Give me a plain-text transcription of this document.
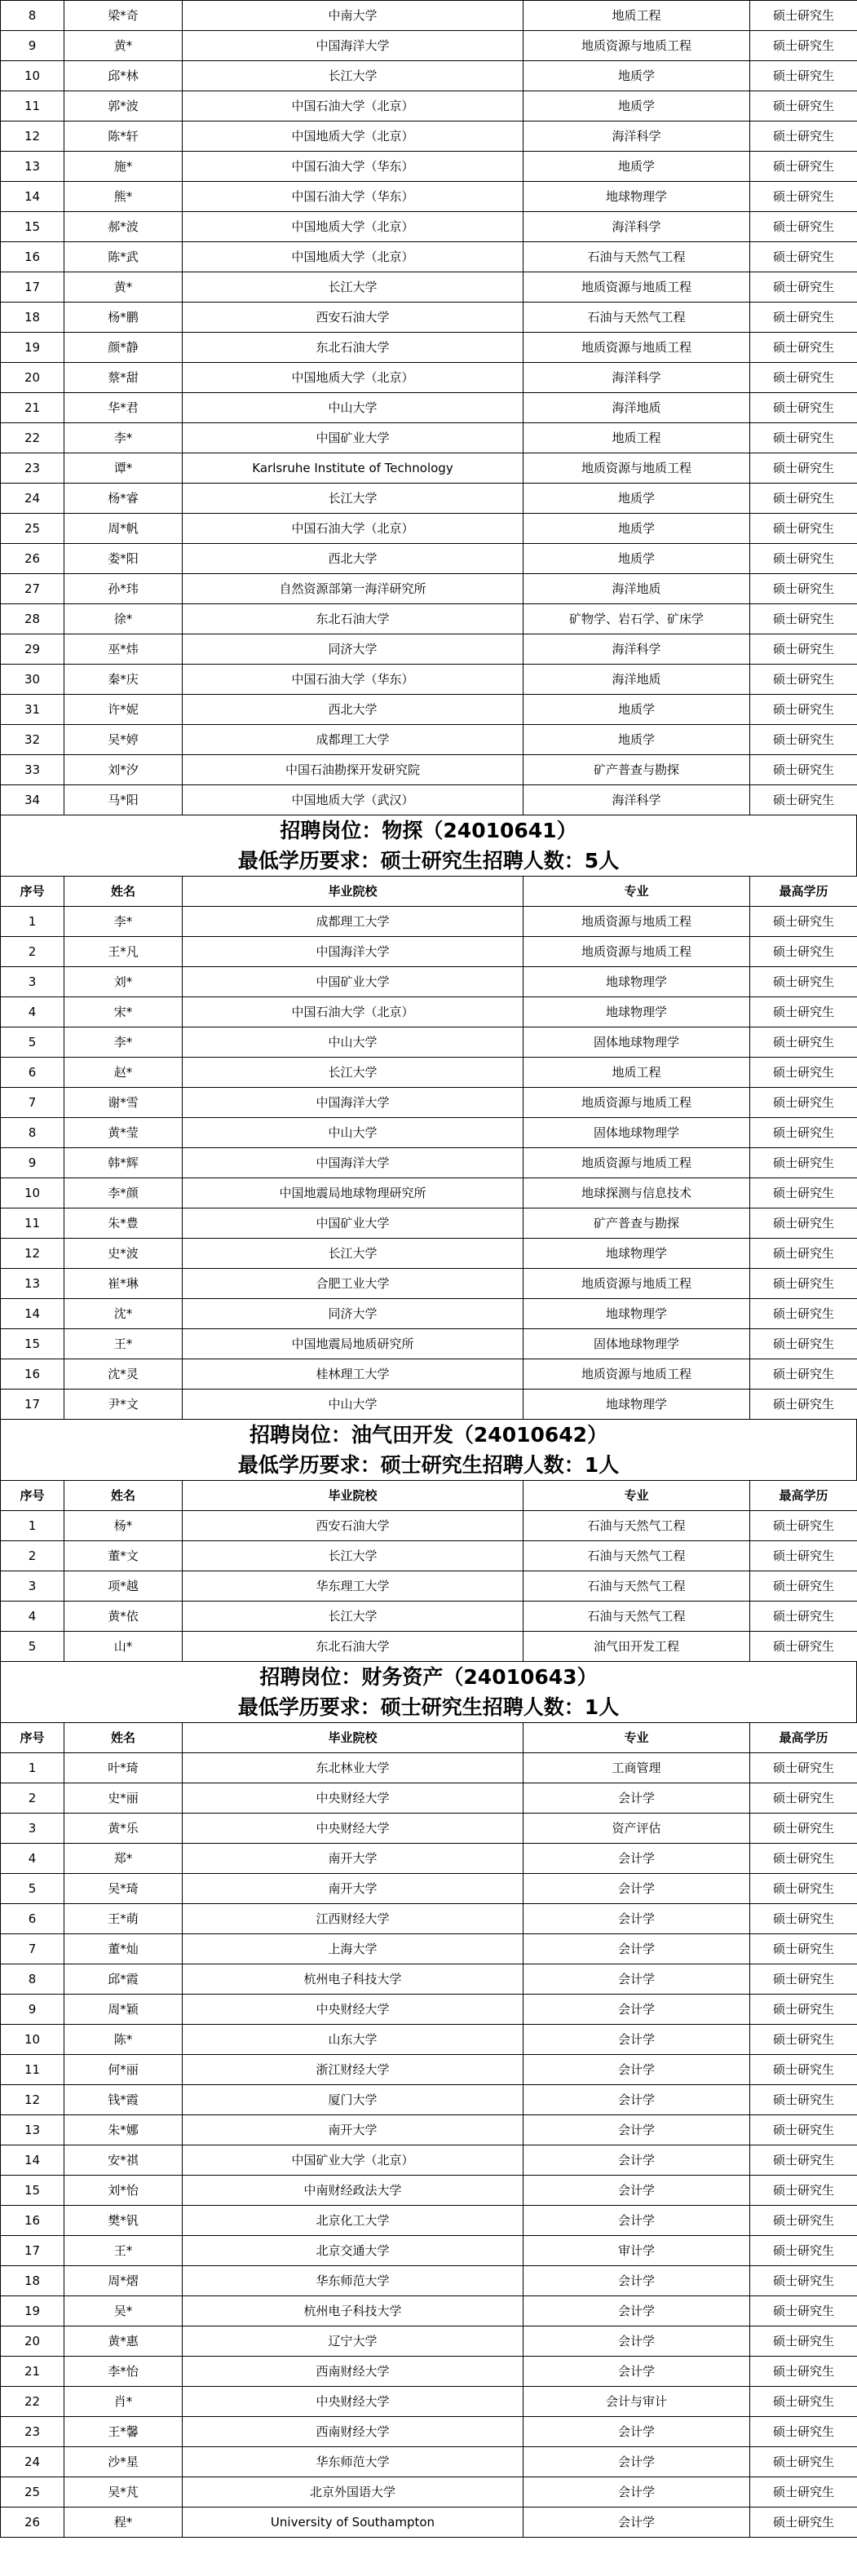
8	梁*奇	中南大学	地质工程	硕士研究生
9	黄*	中国海洋大学	地质资源与地质工程	硕士研究生
10	邱*林	长江大学	地质学	硕士研究生
11	郭*波	中国石油大学（北京）	地质学	硕士研究生
12	陈*轩	中国地质大学（北京）	海洋科学	硕士研究生
13	施*	中国石油大学（华东）	地质学	硕士研究生
14	熊*	中国石油大学（华东）	地球物理学	硕士研究生
15	郝*波	中国地质大学（北京）	海洋科学	硕士研究生
16	陈*武	中国地质大学（北京）	石油与天然气工程	硕士研究生
17	黄*	长江大学	地质资源与地质工程	硕士研究生
18	杨*鹏	西安石油大学	石油与天然气工程	硕士研究生
19	颜*静	东北石油大学	地质资源与地质工程	硕士研究生
20	蔡*甜	中国地质大学（北京）	海洋科学	硕士研究生
21	华*君	中山大学	海洋地质	硕士研究生
22	李*	中国矿业大学	地质工程	硕士研究生
23	谭*	Karlsruhe Institute of Technology	地质资源与地质工程	硕士研究生
24	杨*睿	长江大学	地质学	硕士研究生
25	周*帆	中国石油大学（北京）	地质学	硕士研究生
26	娄*阳	西北大学	地质学	硕士研究生
27	孙*玮	自然资源部第一海洋研究所	海洋地质	硕士研究生
28	徐*	东北石油大学	矿物学、岩石学、矿床学	硕士研究生
29	巫*炜	同济大学	海洋科学	硕士研究生
30	秦*庆	中国石油大学（华东）	海洋地质	硕士研究生
31	许*妮	西北大学	地质学	硕士研究生
32	吴*婷	成都理工大学	地质学	硕士研究生
33	刘*汐	中国石油勘探开发研究院	矿产普查与勘探	硕士研究生
34	马*阳	中国地质大学（武汉）	海洋科学	硕士研究生
招聘岗位：物探（24010641）
最低学历要求：硕士研究生招聘人数：5人
序号	姓名	毕业院校	专业	最高学历
1	李*	成都理工大学	地质资源与地质工程	硕士研究生
2	王*凡	中国海洋大学	地质资源与地质工程	硕士研究生
3	刘*	中国矿业大学	地球物理学	硕士研究生
4	宋*	中国石油大学（北京）	地球物理学	硕士研究生
5	李*	中山大学	固体地球物理学	硕士研究生
6	赵*	长江大学	地质工程	硕士研究生
7	谢*雪	中国海洋大学	地质资源与地质工程	硕士研究生
8	黄*莹	中山大学	固体地球物理学	硕士研究生
9	韩*辉	中国海洋大学	地质资源与地质工程	硕士研究生
10	李*颜	中国地震局地球物理研究所	地球探测与信息技术	硕士研究生
11	朱*豊	中国矿业大学	矿产普查与勘探	硕士研究生
12	史*波	长江大学	地球物理学	硕士研究生
13	崔*琳	合肥工业大学	地质资源与地质工程	硕士研究生
14	沈*	同济大学	地球物理学	硕士研究生
15	王*	中国地震局地质研究所	固体地球物理学	硕士研究生
16	沈*灵	桂林理工大学	地质资源与地质工程	硕士研究生
17	尹*文	中山大学	地球物理学	硕士研究生
招聘岗位：油气田开发（24010642）
最低学历要求：硕士研究生招聘人数：1人
序号	姓名	毕业院校	专业	最高学历
1	杨*	西安石油大学	石油与天然气工程	硕士研究生
2	董*文	长江大学	石油与天然气工程	硕士研究生
3	项*越	华东理工大学	石油与天然气工程	硕士研究生
4	黄*依	长江大学	石油与天然气工程	硕士研究生
5	山*	东北石油大学	油气田开发工程	硕士研究生
招聘岗位：财务资产（24010643）
最低学历要求：硕士研究生招聘人数：1人
序号	姓名	毕业院校	专业	最高学历
1	叶*琦	东北林业大学	工商管理	硕士研究生
2	史*丽	中央财经大学	会计学	硕士研究生
3	黄*乐	中央财经大学	资产评估	硕士研究生
4	郑*	南开大学	会计学	硕士研究生
5	吴*琦	南开大学	会计学	硕士研究生
6	王*萌	江西财经大学	会计学	硕士研究生
7	董*灿	上海大学	会计学	硕士研究生
8	邱*霞	杭州电子科技大学	会计学	硕士研究生
9	周*颖	中央财经大学	会计学	硕士研究生
10	陈*	山东大学	会计学	硕士研究生
11	何*丽	浙江财经大学	会计学	硕士研究生
12	钱*霞	厦门大学	会计学	硕士研究生
13	朱*娜	南开大学	会计学	硕士研究生
14	安*祺	中国矿业大学（北京）	会计学	硕士研究生
15	刘*怡	中南财经政法大学	会计学	硕士研究生
16	樊*钒	北京化工大学	会计学	硕士研究生
17	王*	北京交通大学	审计学	硕士研究生
18	周*熠	华东师范大学	会计学	硕士研究生
19	吴*	杭州电子科技大学	会计学	硕士研究生
20	黄*惠	辽宁大学	会计学	硕士研究生
21	李*怡	西南财经大学	会计学	硕士研究生
22	肖*	中央财经大学	会计与审计	硕士研究生
23	王*馨	西南财经大学	会计学	硕士研究生
24	沙*星	华东师范大学	会计学	硕士研究生
25	吴*芃	北京外国语大学	会计学	硕士研究生
26	程*	University of Southampton	会计学	硕士研究生
